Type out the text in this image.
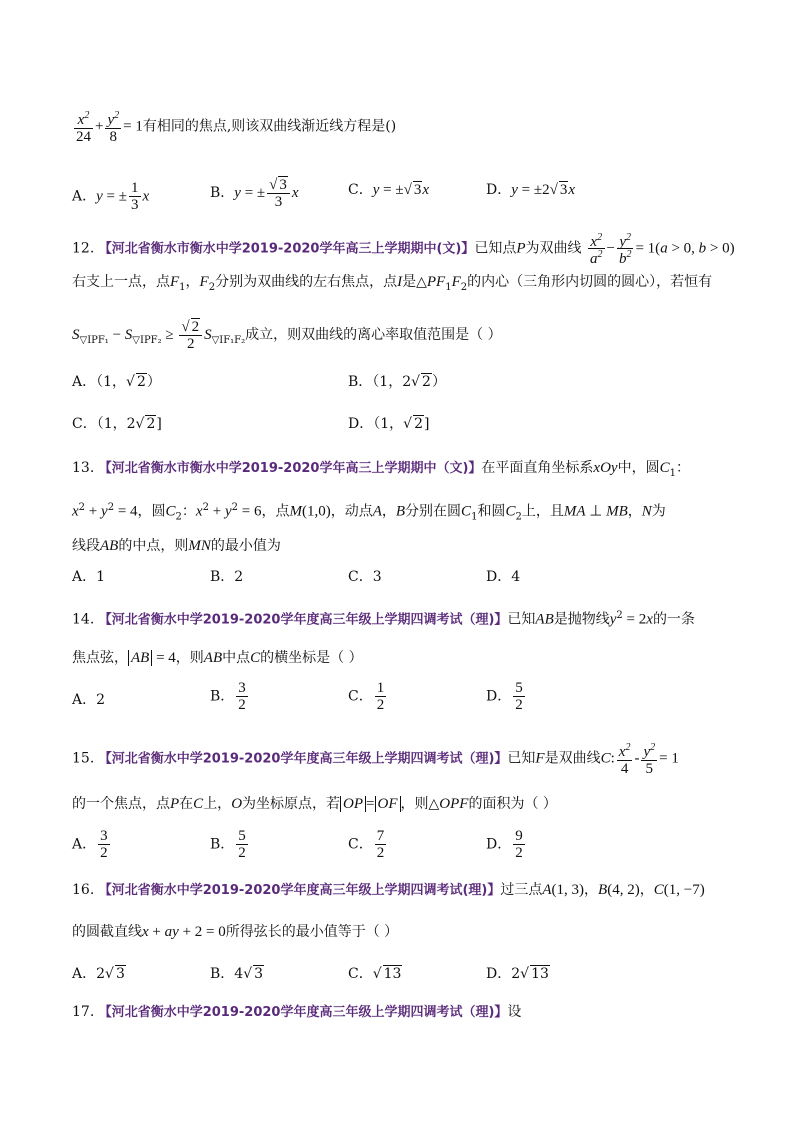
$\frac{x^2}{24} + \frac{y^2}{8} = 1$有相同的焦点,则该双曲线渐近线方程是()
A．y = ± $\frac{1}{3}$ x	B．y = ± $\frac{√ 3}{3}$ x	C．y = ±√ 3x	D．y = ±2√ 3x
12. 【河北省衡水市衡水中学2019-2020学年高三上学期期中(文)】已知点P为双曲线 $\frac{x^2}{a^2} - \frac{y^2}{b^2} = 1(a > 0$, b > 0)
右支上一点，点$F_1$，$F_2$分别为双曲线的左右焦点，点I是$\triangle PF_1F_2$的内心（三角形内切圆的圆心），若恒有
$S_{▽IPF_1} - S_{▽IPF_2} \ge \frac{√ 2}{2} S_{▽IF_1F_2}$成立，则双曲线的离心率取值范围是（ ）
A．（1，√ 2）	B．（1，2√ 2）
C．（1，2√ 2]	D．（1，√ 2]
13. 【河北省衡水市衡水中学2019-2020学年高三上学期期中（文)】在平面直角坐标系xOy中，圆$C_1$：
$x^2 + y^2 = 4$，圆$C_2$：$x^2 + y^2 = 6$，点M(1,0)，动点A，B分别在圆$C_1$和圆$C_2$上，且MA ⊥ MB，N为
线段AB的中点，则MN的最小值为
A．1	B．2	C．3	D．4
14. 【河北省衡水中学2019-2020学年度高三年级上学期四调考试（理)】已知AB是抛物线$y^2 = 2x$的一条
焦点弦， AB = 4，则AB中点C的横坐标是（ ）
A．2	B． $\frac{3}{2}$	C． $\frac{1}{2}$	D． $\frac{5}{2}$
15. 【河北省衡水中学2019-2020学年度高三年级上学期四调考试（理)】已知F是双曲线C: $\frac{x^2}{4} - \frac{y^2}{5} = 1$
的一个焦点，点P在C上，O为坐标原点，若 OP = OF ，则△OPF的面积为（ ）
A． $\frac{3}{2}$	B． $\frac{5}{2}$	C． $\frac{7}{2}$	D． $\frac{9}{2}$
16. 【河北省衡水中学2019-2020学年度高三年级上学期四调考试(理)】过三点A(1, 3)，B(4, 2)，C(1, −7)
的圆截直线x + ay + 2 = 0所得弦长的最小值等于（ ）
A．2√ 3	B．4√ 3	C．√ 13	D．2√ 13
17. 【河北省衡水中学2019-2020学年度高三年级上学期四调考试（理)】设
